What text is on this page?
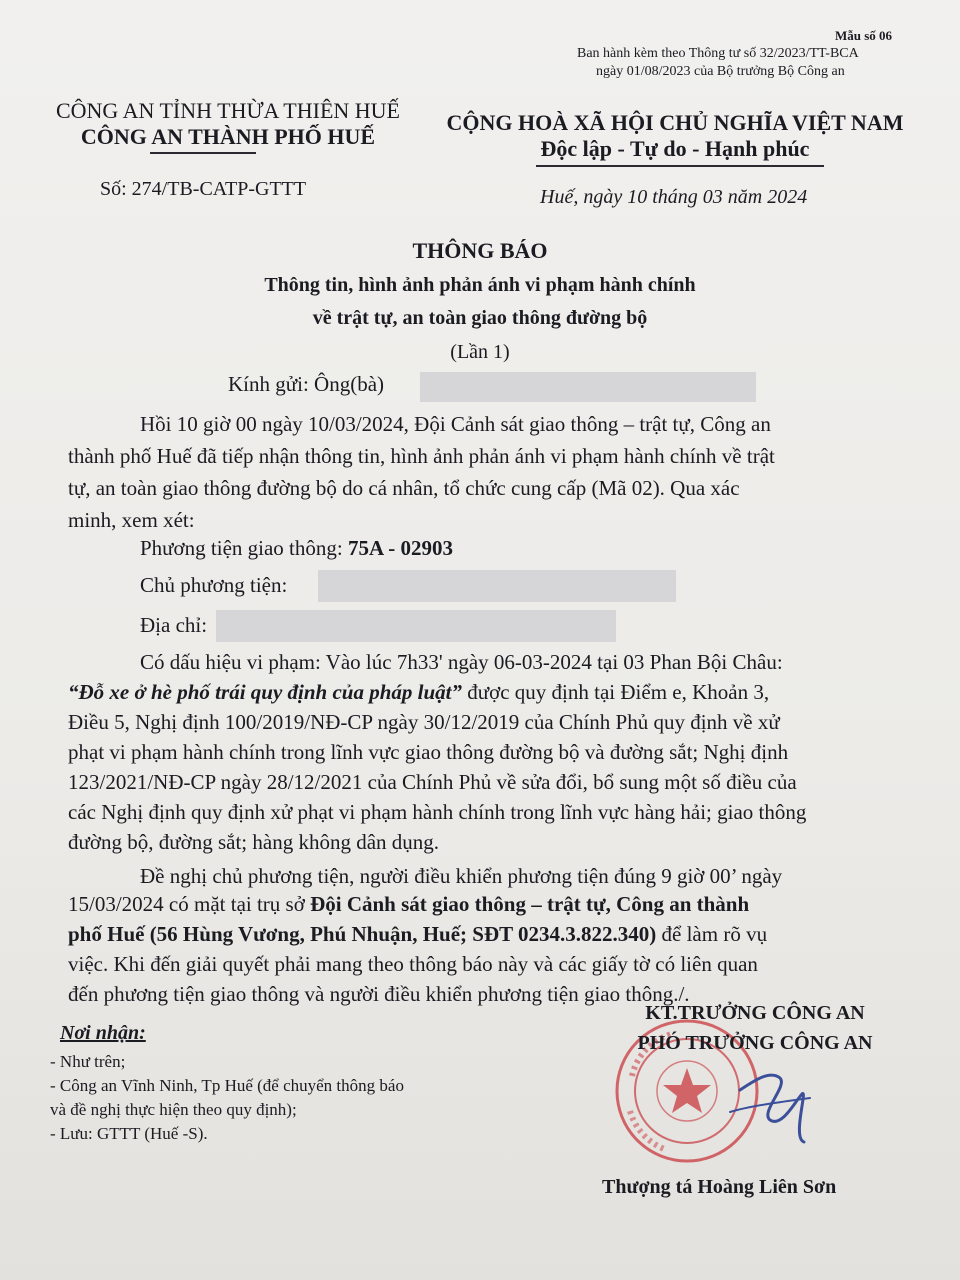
Mẫu số 06
Ban hành kèm theo Thông tư số 32/2023/TT-BCA
ngày 01/08/2023 của Bộ trưởng Bộ Công an
CÔNG AN TỈNH THỪA THIÊN HUẾ
CÔNG AN THÀNH PHỐ HUẾ
CỘNG HOÀ XÃ HỘI CHỦ NGHĨA VIỆT NAM
Độc lập - Tự do - Hạnh phúc
Số: 274/TB-CATP-GTTT	Huế, ngày 10 tháng 03 năm 2024
THÔNG BÁO
Thông tin, hình ảnh phản ánh vi phạm hành chính
về trật tự, an toàn giao thông đường bộ
(Lần 1)
Kính gửi: Ông(bà)
Hồi 10 giờ 00 ngày 10/03/2024, Đội Cảnh sát giao thông – trật tự, Công an
thành phố Huế đã tiếp nhận thông tin, hình ảnh phản ánh vi phạm hành chính về trật
tự, an toàn giao thông đường bộ do cá nhân, tổ chức cung cấp (Mã 02). Qua xác
minh, xem xét:
Phương tiện giao thông: 75A - 02903
Chủ phương tiện:
Địa chỉ:
Có dấu hiệu vi phạm: Vào lúc 7h33' ngày 06-03-2024 tại 03 Phan Bội Châu:
“Đỗ xe ở hè phố trái quy định của pháp luật” được quy định tại Điểm e, Khoản 3,
Điều 5, Nghị định 100/2019/NĐ-CP ngày 30/12/2019 của Chính Phủ quy định về xử
phạt vi phạm hành chính trong lĩnh vực giao thông đường bộ và đường sắt; Nghị định
123/2021/NĐ-CP ngày 28/12/2021 của Chính Phủ về sửa đổi, bổ sung một số điều của
các Nghị định quy định xử phạt vi phạm hành chính trong lĩnh vực hàng hải; giao thông
đường bộ, đường sắt; hàng không dân dụng.
Đề nghị chủ phương tiện, người điều khiển phương tiện đúng 9 giờ 00’ ngày
15/03/2024 có mặt tại trụ sở Đội Cảnh sát giao thông – trật tự, Công an thành
phố Huế (56 Hùng Vương, Phú Nhuận, Huế; SĐT 0234.3.822.340) để làm rõ vụ
việc. Khi đến giải quyết phải mang theo thông báo này và các giấy tờ có liên quan
đến phương tiện giao thông và người điều khiển phương tiện giao thông./.
Nơi nhận:
- Như trên;
- Công an Vĩnh Ninh, Tp Huế (để chuyển thông báo
và đề nghị thực hiện theo quy định);
- Lưu: GTTT (Huế -S).
KT.TRƯỞNG CÔNG AN
PHÓ TRƯỞNG CÔNG AN
Thượng tá Hoàng Liên Sơn
